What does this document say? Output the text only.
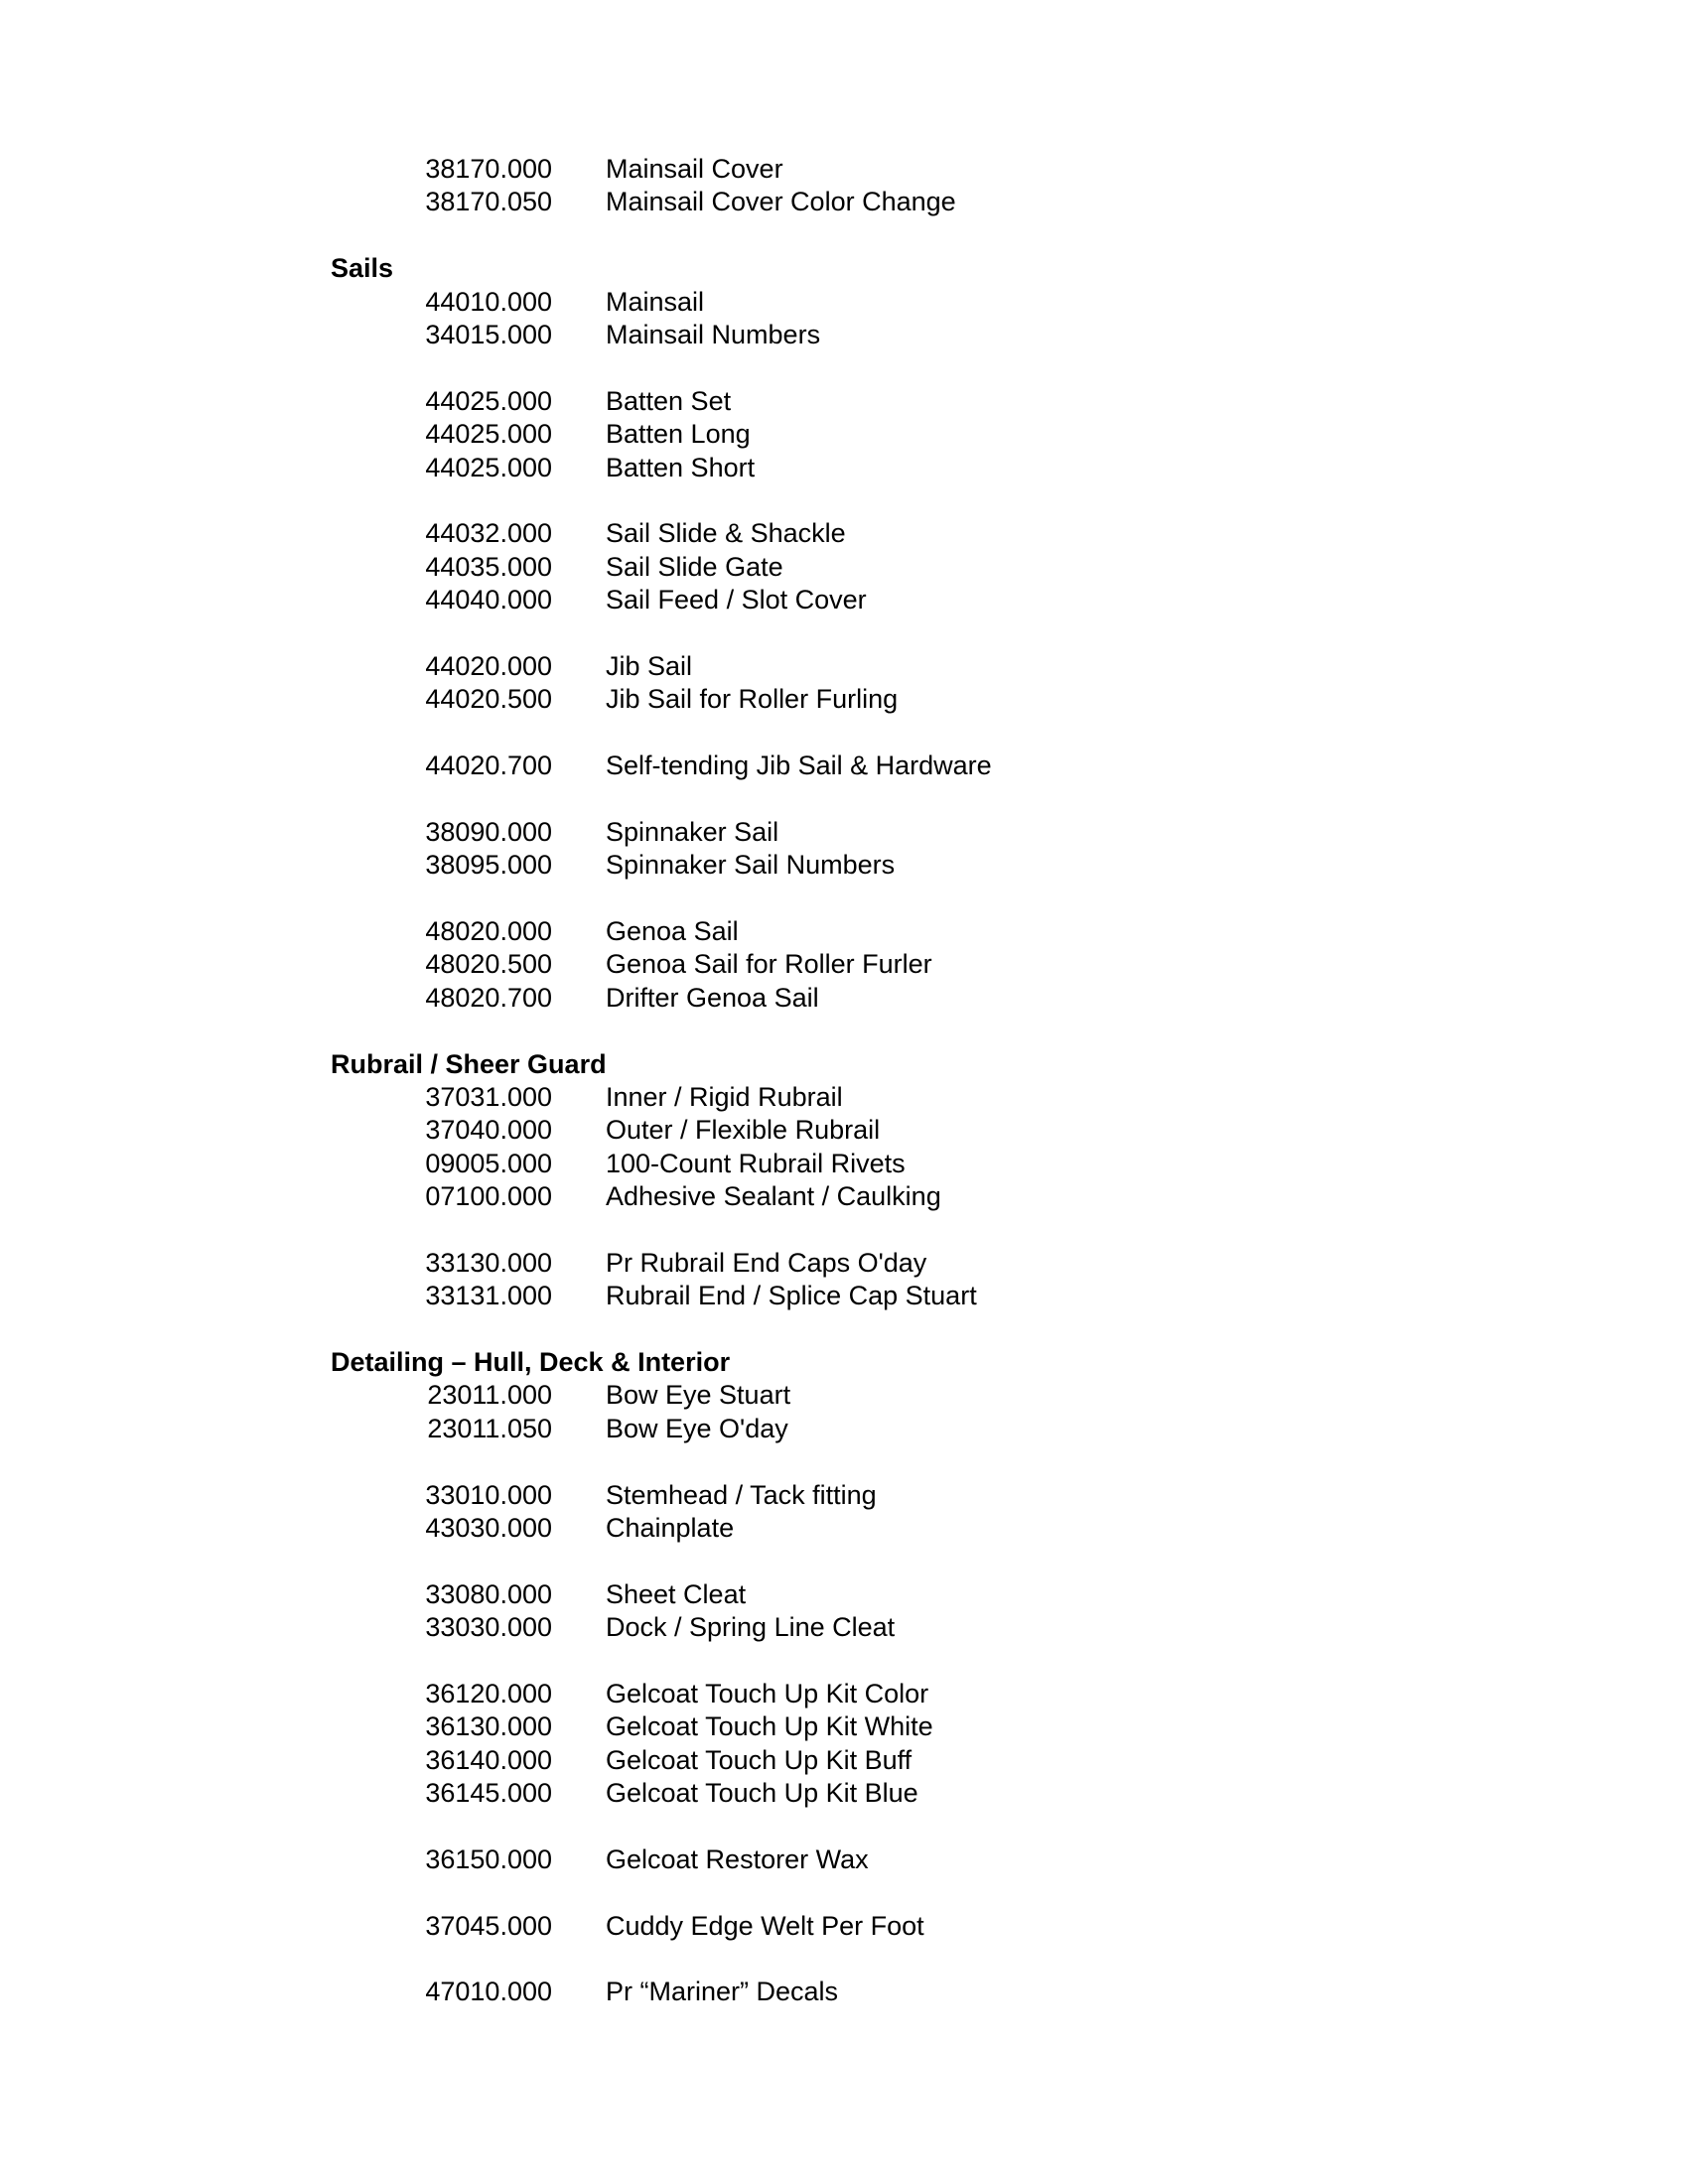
38170.000 Mainsail Cover
38170.050 Mainsail Cover Color Change
Sails
44010.000 Mainsail
34015.000 Mainsail Numbers
44025.000 Batten Set
44025.000 Batten Long
44025.000 Batten Short
44032.000 Sail Slide & Shackle
44035.000 Sail Slide Gate
44040.000 Sail Feed / Slot Cover
44020.000 Jib Sail
44020.500 Jib Sail for Roller Furling
44020.700 Self-tending Jib Sail & Hardware
38090.000 Spinnaker Sail
38095.000 Spinnaker Sail Numbers
48020.000 Genoa Sail
48020.500 Genoa Sail for Roller Furler
48020.700 Drifter Genoa Sail
Rubrail / Sheer Guard
37031.000 Inner / Rigid Rubrail
37040.000 Outer / Flexible Rubrail
09005.000 100-Count Rubrail Rivets
07100.000 Adhesive Sealant / Caulking
33130.000 Pr Rubrail End Caps O'day
33131.000 Rubrail End / Splice Cap Stuart
Detailing – Hull, Deck & Interior
23011.000 Bow Eye Stuart
23011.050 Bow Eye O'day
33010.000 Stemhead / Tack fitting
43030.000 Chainplate
33080.000 Sheet Cleat
33030.000 Dock / Spring Line Cleat
36120.000 Gelcoat Touch Up Kit Color
36130.000 Gelcoat Touch Up Kit White
36140.000 Gelcoat Touch Up Kit Buff
36145.000 Gelcoat Touch Up Kit Blue
36150.000 Gelcoat Restorer Wax
37045.000 Cuddy Edge Welt Per Foot
47010.000 Pr “Mariner” Decals
